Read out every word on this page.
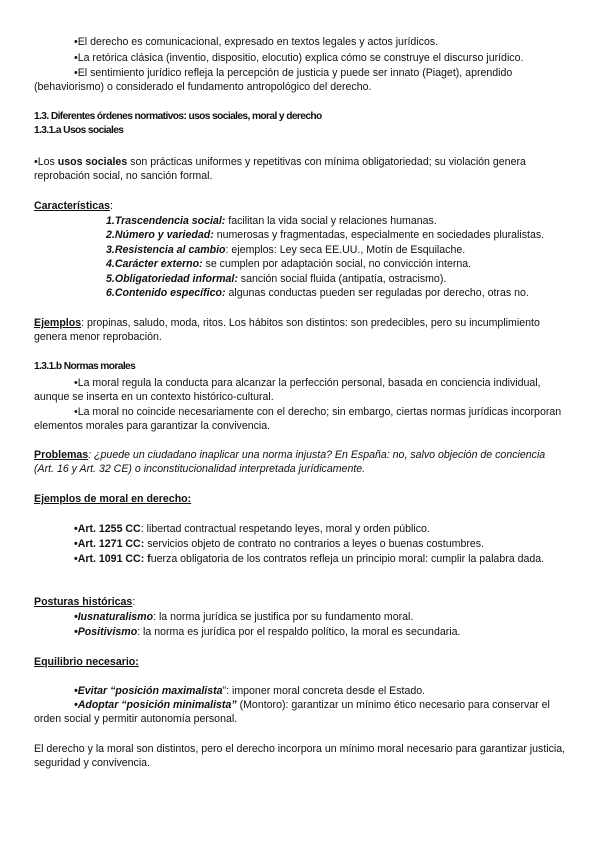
•El derecho es comunicacional, expresado en textos legales y actos jurídicos.

•La retórica clásica (inventio, dispositio, elocutio) explica cómo se construye el discurso jurídico.

•El sentimiento jurídico refleja la percepción de justicia y puede ser innato (Piaget), aprendido (behaviorismo) o considerado el fundamento antropológico del derecho.

1.3. Diferentes órdenes normativos: usos sociales, moral y derecho

1.3.1.a Usos sociales

•Los usos sociales son prácticas uniformes y repetitivas con mínima obligatoriedad; su violación genera reprobación social, no sanción formal.

Características:

1.Trascendencia social: facilitan la vida social y relaciones humanas.

2.Número y variedad: numerosas y fragmentadas, especialmente en sociedades pluralistas.

3.Resistencia al cambio: ejemplos: Ley seca EE.UU., Motín de Esquilache.

4.Carácter externo: se cumplen por adaptación social, no convicción interna.

5.Obligatoriedad informal: sanción social fluida (antipatía, ostracismo).

6.Contenido específico: algunas conductas pueden ser reguladas por derecho, otras no.

Ejemplos: propinas, saludo, moda, ritos. Los hábitos son distintos: son predecibles, pero su incumplimiento genera menor reprobación.

1.3.1.b Normas morales

•La moral regula la conducta para alcanzar la perfección personal, basada en conciencia individual, aunque se inserta en un contexto histórico-cultural.

•La moral no coincide necesariamente con el derecho; sin embargo, ciertas normas jurídicas incorporan elementos morales para garantizar la convivencia.

Problemas: ¿puede un ciudadano inaplicar una norma injusta? En España: no, salvo objeción de conciencia (Art. 16 y Art. 32 CE) o inconstitucionalidad interpretada jurídicamente.

Ejemplos de moral en derecho:

•Art. 1255 CC: libertad contractual respetando leyes, moral y orden público.

•Art. 1271 CC: servicios objeto de contrato no contrarios a leyes o buenas costumbres.

•Art. 1091 CC: fuerza obligatoria de los contratos refleja un principio moral: cumplir la palabra dada.

Posturas históricas:

•Iusnaturalismo: la norma jurídica se justifica por su fundamento moral.

•Positivismo: la norma es jurídica por el respaldo político, la moral es secundaria.

Equilibrio necesario:

•Evitar “posición maximalista”: imponer moral concreta desde el Estado.

•Adoptar “posición minimalista” (Montoro): garantizar un mínimo ético necesario para conservar el orden social y permitir autonomía personal.

El derecho y la moral son distintos, pero el derecho incorpora un mínimo moral necesario para garantizar justicia, seguridad y convivencia.
